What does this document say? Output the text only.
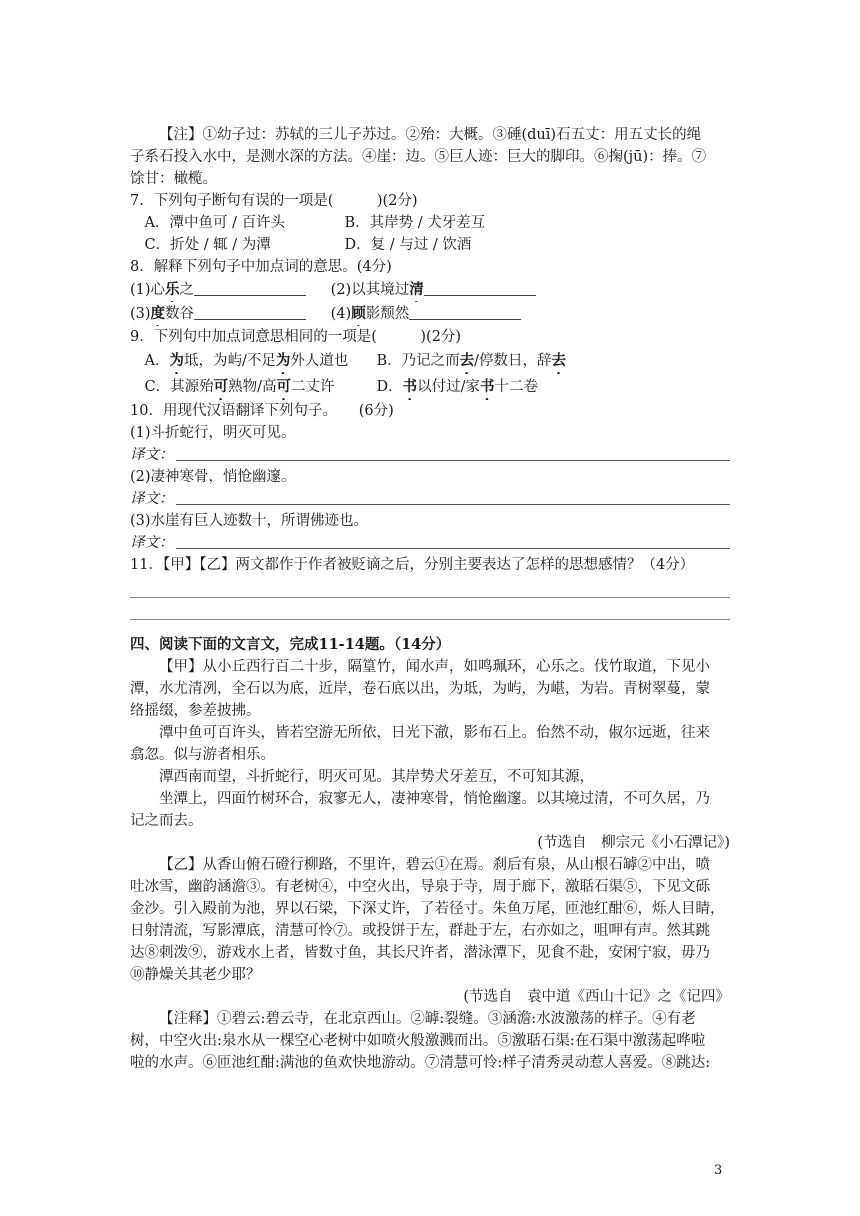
【注】①幼子过：苏轼的三儿子苏过。②殆：大概。③硾(duī)石五丈：用五丈长的绳
子系石投入水中，是测水深的方法。④崖：边。⑤巨人迹：巨大的脚印。⑥掬(jū)：捧。⑦
馀甘：橄榄。
7．下列句子断句有误的一项是(　　　)(2分)
A．潭中鱼可 / 百许头	B．其岸势 / 犬牙差互
C．折处 / 辄 / 为潭	D．复 / 与过 / 饮酒
8．解释下列句子中加点词的意思。(4分)
(1)心乐之	(2)以其境过清
(3)度数谷	(4)顾影颓然
9．下列句中加点词意思相同的一项是(　　　)(2分)
A．为坻，为屿/不足为外人道也 B．乃记之而去/停数日，辞去
C．其源殆可熟物/高可二丈许	D．书以付过/家书十二卷
10．用现代汉语翻译下列句子。　　(6分)
(1)斗折蛇行，明灭可见。
译文：
(2)凄神寒骨，悄怆幽邃。
译文：
(3)水崖有巨人迹数十，所谓佛迹也。
译文：
11．【甲】【乙】两文都作于作者被贬谪之后，分别主要表达了怎样的思想感情？（4分）
四、阅读下面的文言文，完成11-14题。（14分）
【甲】从小丘西行百二十步，隔篁竹，闻水声，如鸣珮环，心乐之。伐竹取道，下见小
潭，水尤清冽，全石以为底，近岸，卷石底以出，为坻，为屿，为嵁，为岩。青树翠蔓，蒙
络摇缀，参差披拂。
潭中鱼可百许头，皆若空游无所依，日光下澈，影布石上。佁然不动，俶尔远逝，往来
翕忽。似与游者相乐。
潭西南而望，斗折蛇行，明灭可见。其岸势犬牙差互，不可知其源，
坐潭上，四面竹树环合，寂寥无人，凄神寒骨，悄怆幽邃。以其境过清，不可久居，乃
记之而去。
(节选自　柳宗元《小石潭记》)
【乙】从香山俯石磴行柳路，不里许，碧云①在焉。刹后有泉，从山根石罅②中出，喷
吐冰雪，幽韵涵澹③。有老树④，中空火出，导泉于寺，周于廊下，激聒石渠⑤，下见文砾
金沙。引入殿前为池，界以石梁，下深丈许，了若径寸。朱鱼万尾，匝池红酣⑥，烁人目睛，
日射清流，写影潭底，清慧可怜⑦。或投饼于左，群赴于左，右亦如之，咀呷有声。然其跳
达⑧刺泼⑨，游戏水上者，皆数寸鱼，其长尺许者，潜泳潭下，见食不赴，安闲宁寂，毋乃
⑩静燥关其老少耶？
(节选自　袁中道《西山十记》之《记四》
【注释】①碧云:碧云寺，在北京西山。②罅:裂缝。③涵澹:水波激荡的样子。④有老
树，中空火出:泉水从一棵空心老树中如喷火般激溅而出。⑤激聒石渠:在石渠中激荡起哗啦
啦的水声。⑥匝池红酣:满池的鱼欢快地游动。⑦清慧可怜:样子清秀灵动惹人喜爱。⑧跳达:
3
